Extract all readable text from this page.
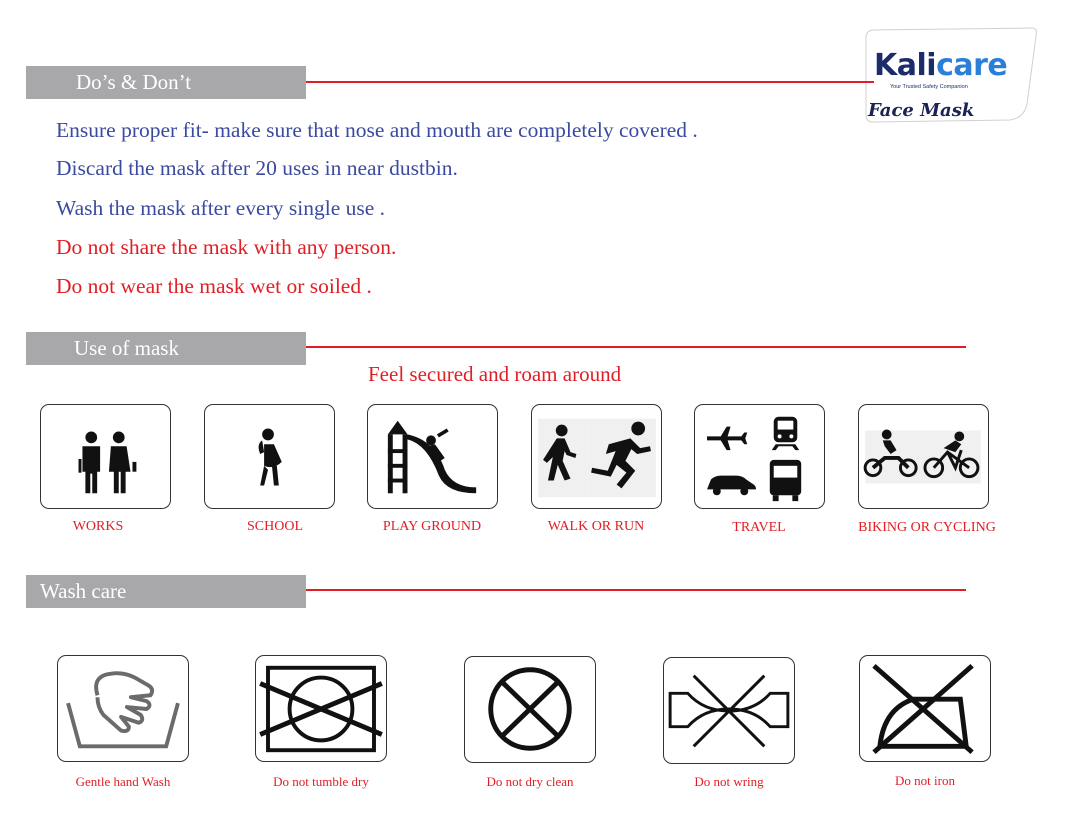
Kalicare
Your Trusted Safety Companion
Face Mask
Do’s & Don’t
Ensure proper fit- make sure that nose and mouth are completely covered .
Discard the mask after 20 uses in near dustbin.
Wash the mask after every single use .
Do not share the mask with any person.
Do not wear the mask wet or soiled .
Use of mask
Feel secured and roam around
WORKS	SCHOOL	PLAY GROUND	WALK OR RUN	TRAVEL	BIKING OR CYCLING
Wash care
Gentle hand Wash	Do not tumble dry	Do not dry clean	Do not wring	Do not iron
